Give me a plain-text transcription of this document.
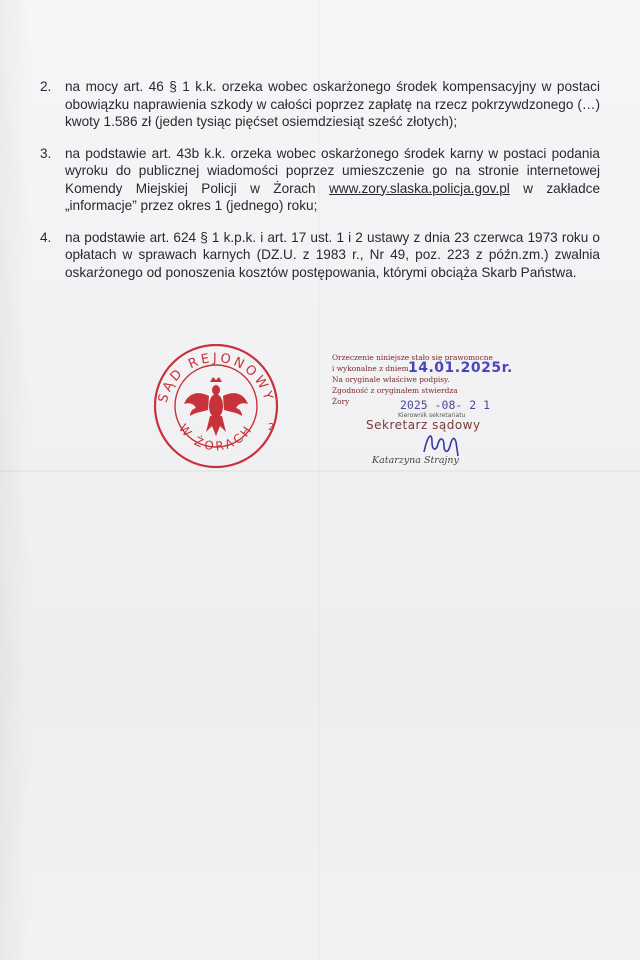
2. na mocy art. 46 § 1 k.k. orzeka wobec oskarżonego środek kompensacyjny w postaci obowiązku naprawienia szkody w całości poprzez zapłatę na rzecz pokrzywdzonego (…) kwoty 1.586 zł (jeden tysiąc pięćset osiemdziesiąt sześć złotych);
3. na podstawie art. 43b k.k. orzeka wobec oskarżonego środek karny w postaci podania wyroku do publicznej wiadomości poprzez umieszczenie go na stronie internetowej Komendy Miejskiej Policji w Żorach www.zory.slaska.policja.gov.pl w zakładce „informacje” przez okres 1 (jednego) roku;
4. na podstawie art. 624 § 1 k.p.k. i art. 17 ust. 1 i 2 ustawy z dnia 23 czerwca 1973 roku o opłatach w sprawach karnych (DZ.U. z 1983 r., Nr 49, poz. 223 z późn.zm.) zwalnia oskarżonego od ponoszenia kosztów postępowania, którymi obciąża Skarb Państwa.
SĄD REJONOWY
W ŻORACH 2
Orzeczenie niniejsze stało się prawomocne
i wykonalne z dniem
Na oryginale właściwe podpisy.
Zgodność z oryginałem stwierdza
Żory
14.01.2025r.
2025 -08- 2 1
Kierownik sekretariatu
Sekretarz sądowy
Katarzyna Strajny
